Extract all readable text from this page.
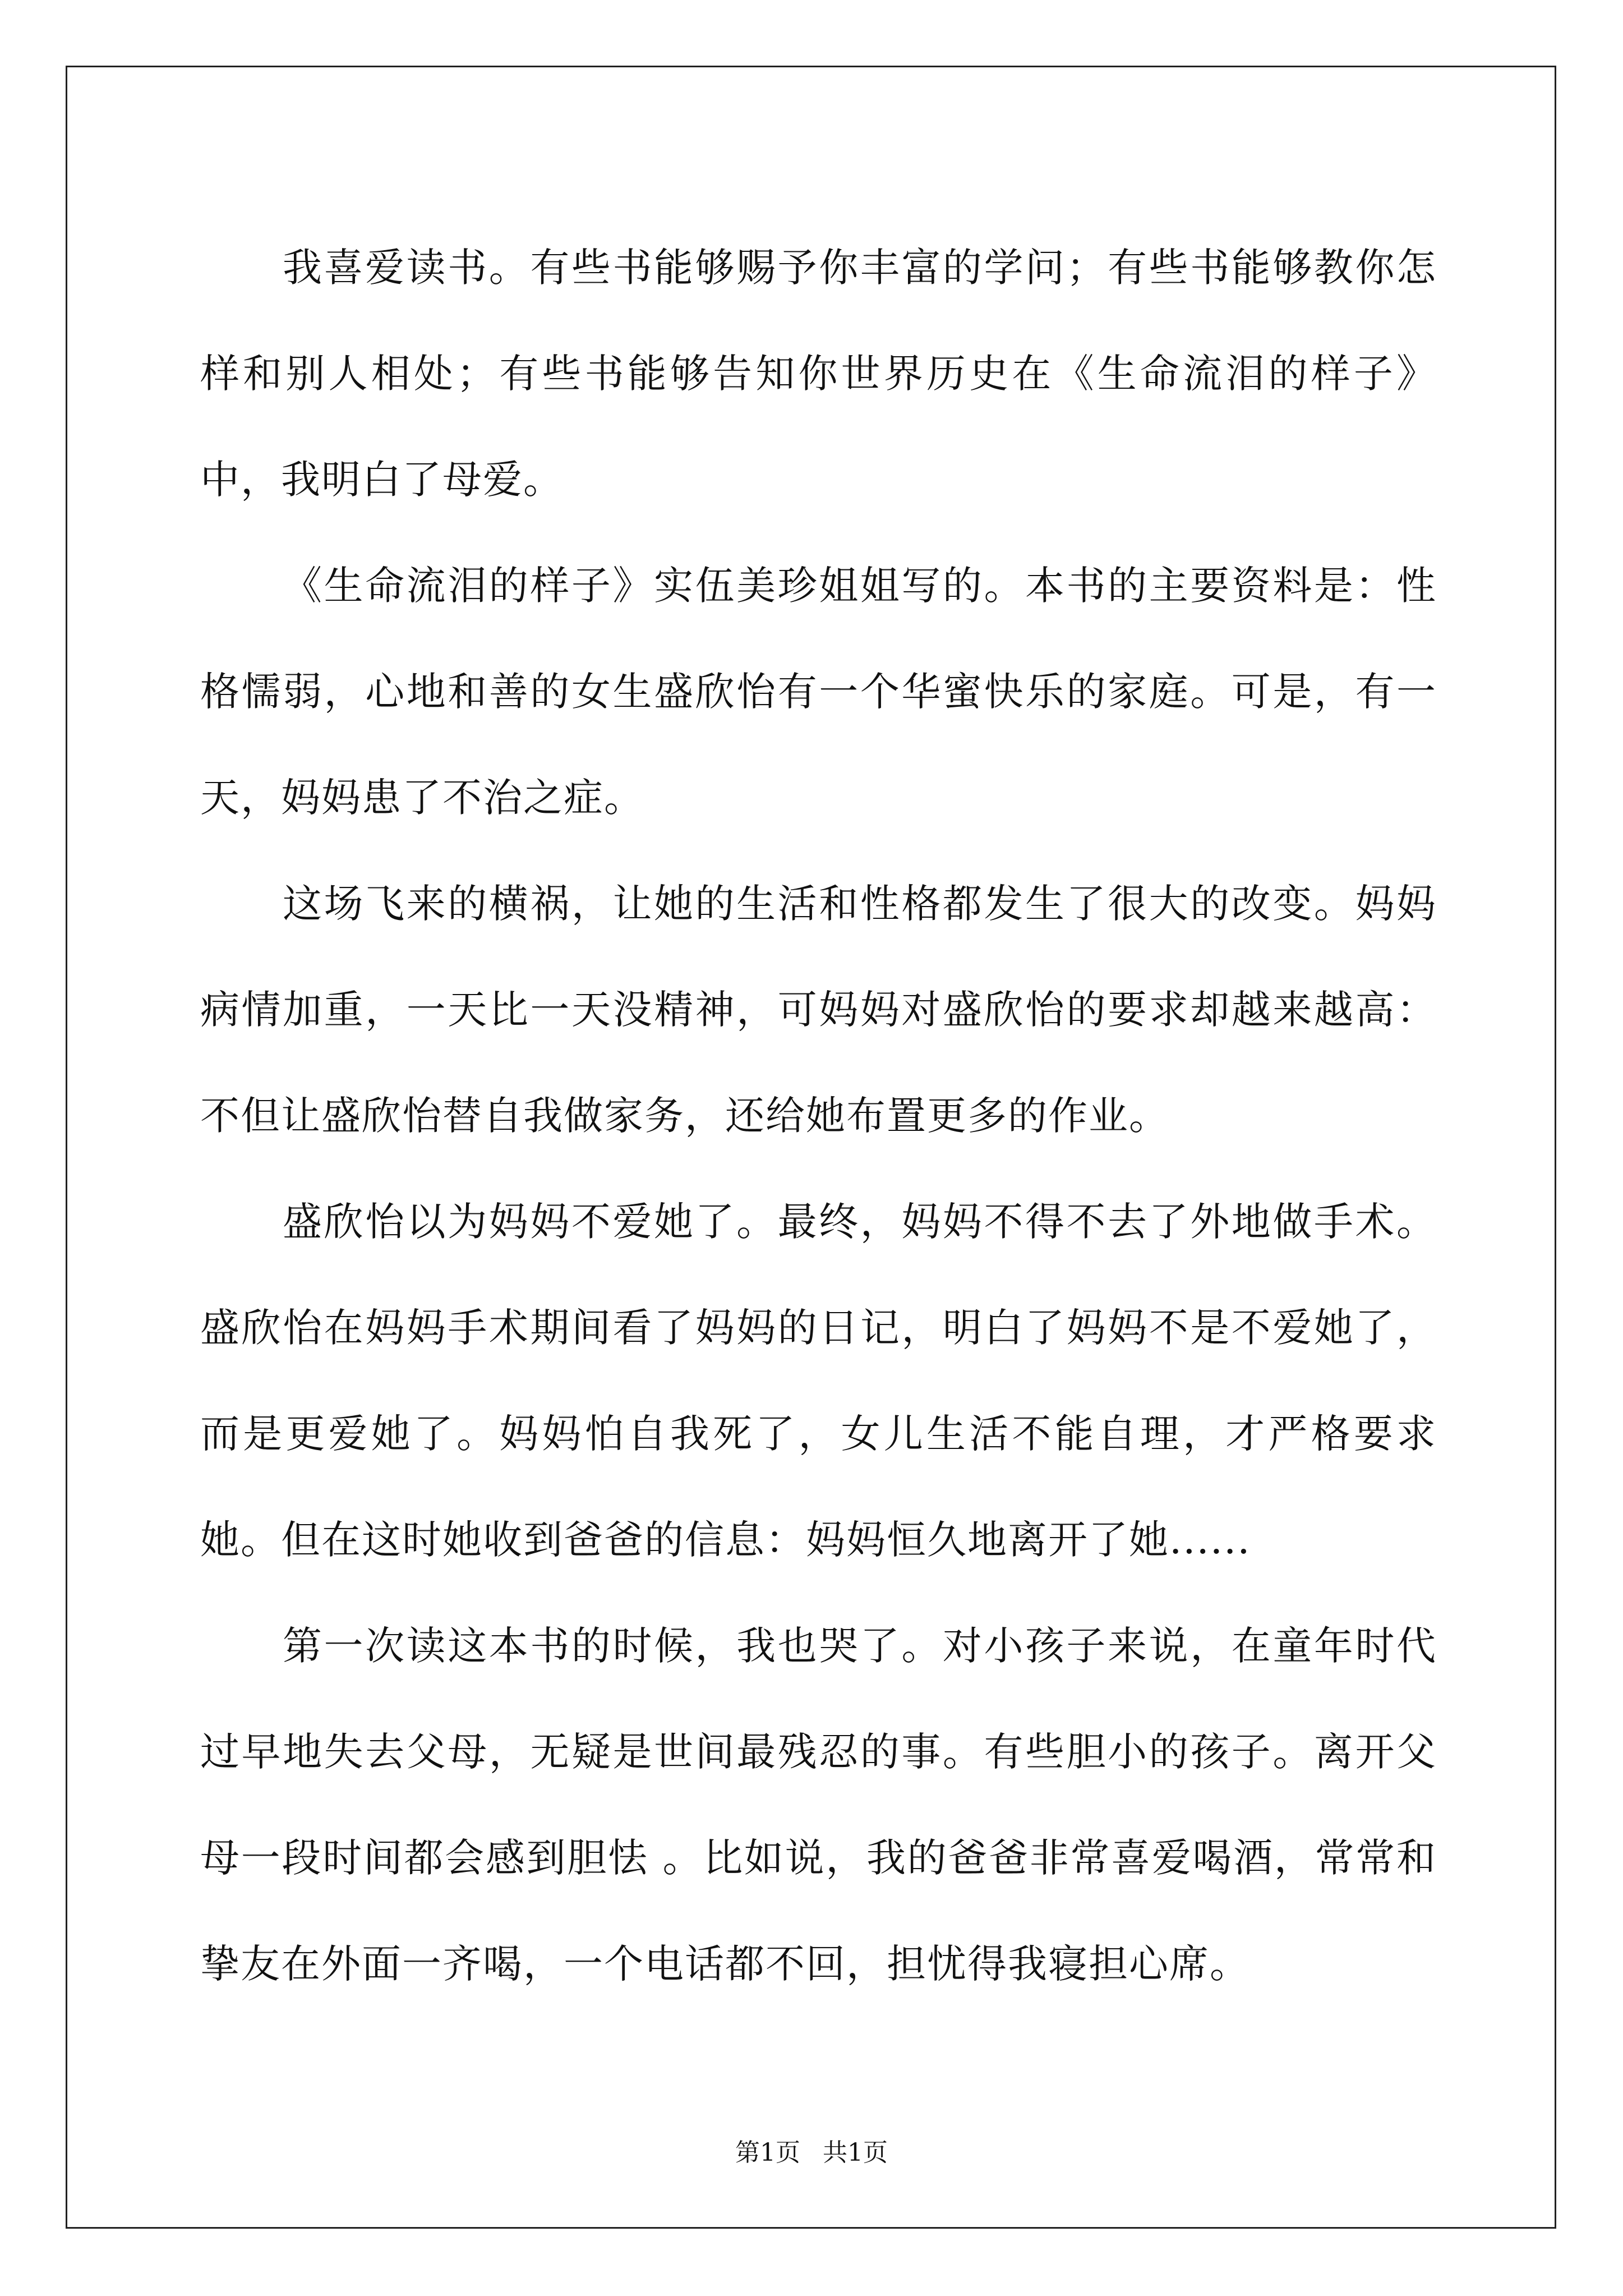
我喜爱读书。有些书能够赐予你丰富的学问；有些书能够教你怎样和别人相处；有些书能够告知你世界历史在《生命流泪的样子》中，我明白了母爱。

《生命流泪的样子》实伍美珍姐姐写的。本书的主要资料是：性格懦弱，心地和善的女生盛欣怡有一个华蜜快乐的家庭。可是，有一天，妈妈患了不治之症。

这场飞来的横祸，让她的生活和性格都发生了很大的改变。妈妈病情加重，一天比一天没精神，可妈妈对盛欣怡的要求却越来越高：不但让盛欣怡替自我做家务，还给她布置更多的作业。

盛欣怡以为妈妈不爱她了。最终，妈妈不得不去了外地做手术。盛欣怡在妈妈手术期间看了妈妈的日记，明白了妈妈不是不爱她了，而是更爱她了。妈妈怕自我死了，女儿生活不能自理，才严格要求她。但在这时她收到爸爸的信息：妈妈恒久地离开了她......

第一次读这本书的时候，我也哭了。对小孩子来说，在童年时代过早地失去父母，无疑是世间最残忍的事。有些胆小的孩子。离开父母一段时间都会感到胆怯 。比如说，我的爸爸非常喜爱喝酒，常常和挚友在外面一齐喝，一个电话都不回，担忧得我寝担心席。

第1页 共1页
